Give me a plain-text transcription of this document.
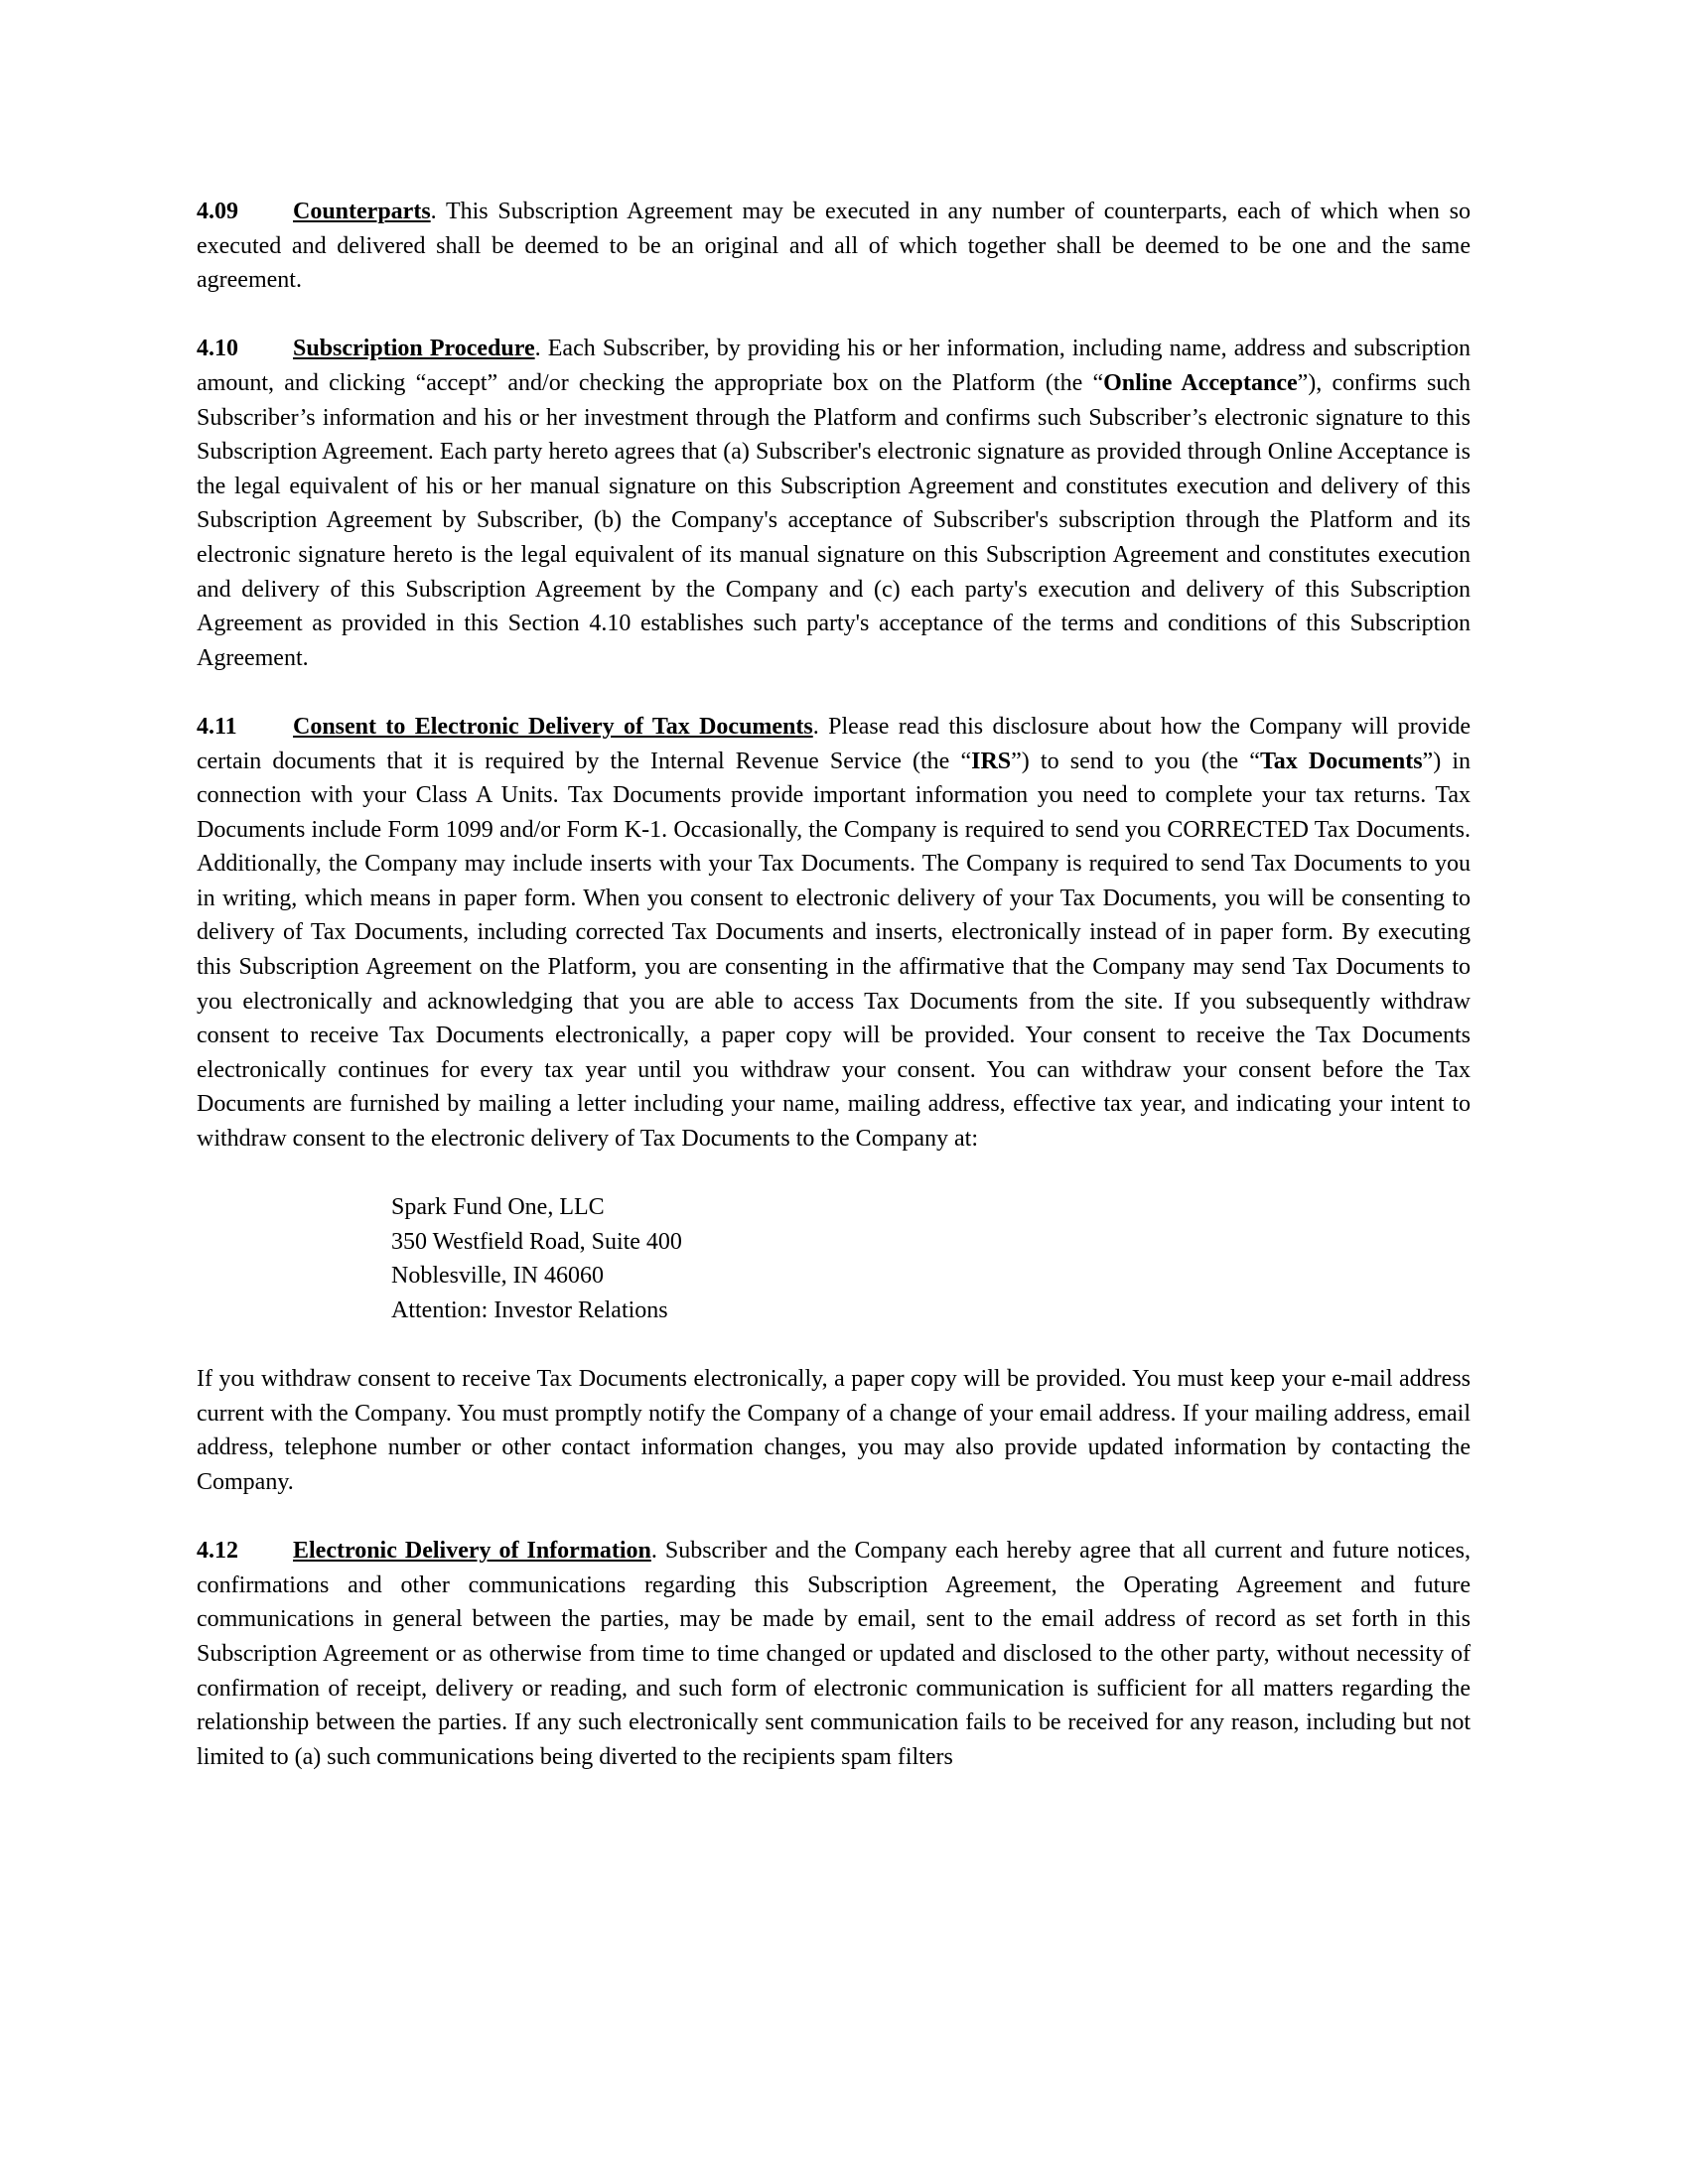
4.09 Counterparts. This Subscription Agreement may be executed in any number of counterparts, each of which when so executed and delivered shall be deemed to be an original and all of which together shall be deemed to be one and the same agreement.

4.10 Subscription Procedure. Each Subscriber, by providing his or her information, including name, address and subscription amount, and clicking “accept” and/or checking the appropriate box on the Platform (the “Online Acceptance”), confirms such Subscriber’s information and his or her investment through the Platform and confirms such Subscriber’s electronic signature to this Subscription Agreement. Each party hereto agrees that (a) Subscriber's electronic signature as provided through Online Acceptance is the legal equivalent of his or her manual signature on this Subscription Agreement and constitutes execution and delivery of this Subscription Agreement by Subscriber, (b) the Company's acceptance of Subscriber's subscription through the Platform and its electronic signature hereto is the legal equivalent of its manual signature on this Subscription Agreement and constitutes execution and delivery of this Subscription Agreement by the Company and (c) each party's execution and delivery of this Subscription Agreement as provided in this Section 4.10 establishes such party's acceptance of the terms and conditions of this Subscription Agreement.

4.11 Consent to Electronic Delivery of Tax Documents. Please read this disclosure about how the Company will provide certain documents that it is required by the Internal Revenue Service (the “IRS”) to send to you (the “Tax Documents”) in connection with your Class A Units. Tax Documents provide important information you need to complete your tax returns. Tax Documents include Form 1099 and/or Form K-1. Occasionally, the Company is required to send you CORRECTED Tax Documents. Additionally, the Company may include inserts with your Tax Documents. The Company is required to send Tax Documents to you in writing, which means in paper form. When you consent to electronic delivery of your Tax Documents, you will be consenting to delivery of Tax Documents, including corrected Tax Documents and inserts, electronically instead of in paper form. By executing this Subscription Agreement on the Platform, you are consenting in the affirmative that the Company may send Tax Documents to you electronically and acknowledging that you are able to access Tax Documents from the site. If you subsequently withdraw consent to receive Tax Documents electronically, a paper copy will be provided. Your consent to receive the Tax Documents electronically continues for every tax year until you withdraw your consent. You can withdraw your consent before the Tax Documents are furnished by mailing a letter including your name, mailing address, effective tax year, and indicating your intent to withdraw consent to the electronic delivery of Tax Documents to the Company at:

Spark Fund One, LLC
350 Westfield Road, Suite 400
Noblesville, IN 46060
Attention: Investor Relations

If you withdraw consent to receive Tax Documents electronically, a paper copy will be provided. You must keep your e-mail address current with the Company. You must promptly notify the Company of a change of your email address. If your mailing address, email address, telephone number or other contact information changes, you may also provide updated information by contacting the Company.

4.12 Electronic Delivery of Information. Subscriber and the Company each hereby agree that all current and future notices, confirmations and other communications regarding this Subscription Agreement, the Operating Agreement and future communications in general between the parties, may be made by email, sent to the email address of record as set forth in this Subscription Agreement or as otherwise from time to time changed or updated and disclosed to the other party, without necessity of confirmation of receipt, delivery or reading, and such form of electronic communication is sufficient for all matters regarding the relationship between the parties. If any such electronically sent communication fails to be received for any reason, including but not limited to (a) such communications being diverted to the recipients spam filters
